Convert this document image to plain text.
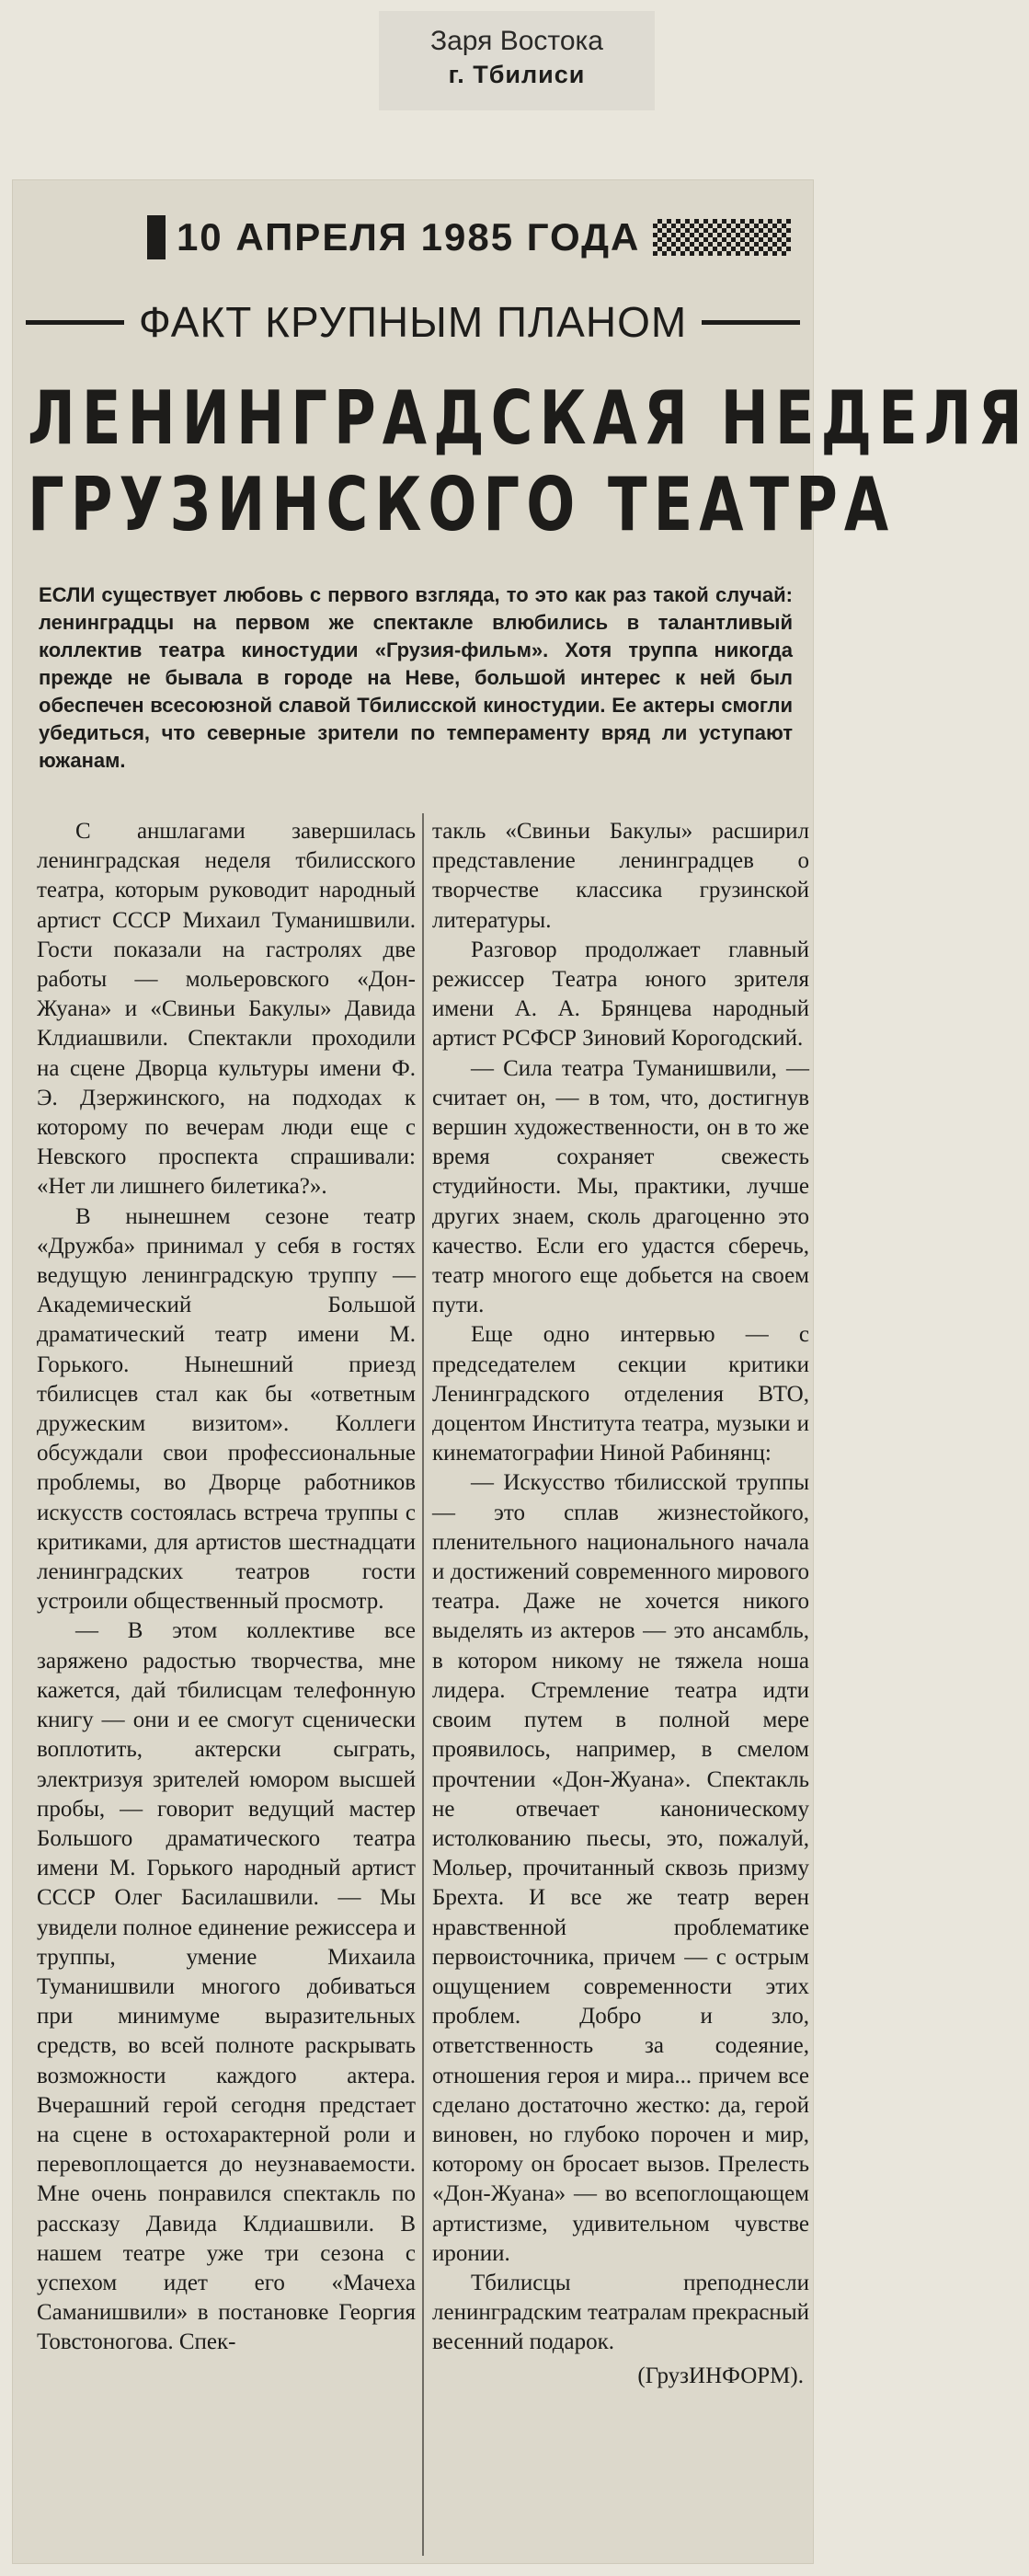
Заря Востока
г. Тбилиси
10 АПРЕЛЯ 1985 ГОДА
ФАКТ КРУПНЫМ ПЛАНОМ
ЛЕНИНГРАДСКАЯ НЕДЕЛЯ
ГРУЗИНСКОГО ТЕАТРА
ЕСЛИ существует любовь с первого взгляда, то это как раз такой случай: ленинградцы на первом же спектакле влюбились в талантливый коллектив театра киностудии «Грузия-фильм». Хотя труппа никогда прежде не бывала в городе на Неве, большой интерес к ней был обеспечен всесоюзной славой Тбилисской киностудии. Ее актеры смогли убедиться, что северные зрители по темпераменту вряд ли уступают южанам.

С аншлагами завершилась ленинградская неделя тбилисского театра, которым руководит народный артист СССР Михаил Туманишвили. Гости показали на гастролях две работы — мольеровского «Дон-Жуана» и «Свиньи Бакулы» Давида Клдиашвили. Спектакли проходили на сцене Дворца культуры имени Ф. Э. Дзержинского, на подходах к которому по вечерам люди еще с Невского проспекта спрашивали: «Нет ли лишнего билетика?».

В нынешнем сезоне театр «Дружба» принимал у себя в гостях ведущую ленинградскую труппу — Академический Большой драматический театр имени М. Горького. Нынешний приезд тбилисцев стал как бы «ответным дружеским визитом». Коллеги обсуждали свои профессиональные проблемы, во Дворце работников искусств состоялась встреча труппы с критиками, для артистов шестнадцати ленинградских театров гости устроили общественный просмотр.

— В этом коллективе все заряжено радостью творчества, мне кажется, дай тбилисцам телефонную книгу — они и ее смогут сценически воплотить, актерски сыграть, электризуя зрителей юмором высшей пробы, — говорит ведущий мастер Большого драматического театра имени М. Горького народный артист СССР Олег Басилашвили. — Мы увидели полное единение режиссера и труппы, умение Михаила Туманишвили многого добиваться при минимуме выразительных средств, во всей полноте раскрывать возможности каждого актера. Вчерашний герой сегодня предстает на сцене в остохарактерной роли и перевоплощается до неузнаваемости. Мне очень понравился спектакль по рассказу Давида Клдиашвили. В нашем театре уже три сезона с успехом идет его «Мачеха Саманишвили» в постановке Георгия Товстоногова. Спек-

такль «Свиньи Бакулы» расширил представление ленинградцев о творчестве классика грузинской литературы.

Разговор продолжает главный режиссер Театра юного зрителя имени А. А. Брянцева народный артист РСФСР Зиновий Корогодский.

— Сила театра Туманишвили, — считает он, — в том, что, достигнув вершин художественности, он в то же время сохраняет свежесть студийности. Мы, практики, лучше других знаем, сколь драгоценно это качество. Если его удастся сберечь, театр многого еще добьется на своем пути.

Еще одно интервью — с председателем секции критики Ленинградского отделения ВТО, доцентом Института театра, музыки и кинематографии Ниной Рабинянц:

— Искусство тбилисской труппы — это сплав жизнестойкого, пленительного национального начала и достижений современного мирового театра. Даже не хочется никого выделять из актеров — это ансамбль, в котором никому не тяжела ноша лидера. Стремление театра идти своим путем в полной мере проявилось, например, в смелом прочтении «Дон-Жуана». Спектакль не отвечает каноническому истолкованию пьесы, это, пожалуй, Мольер, прочитанный сквозь призму Брехта. И все же театр верен нравственной проблематике первоисточника, причем — с острым ощущением современности этих проблем. Добро и зло, ответственность за содеяние, отношения героя и мира... причем все сделано достаточно жестко: да, герой виновен, но глубоко порочен и мир, которому он бросает вызов. Прелесть «Дон-Жуана» — во всепоглощающем артистизме, удивительном чувстве иронии.

Тбилисцы преподнесли ленинградским театралам прекрасный весенний подарок.

(ГрузИНФОРМ).
